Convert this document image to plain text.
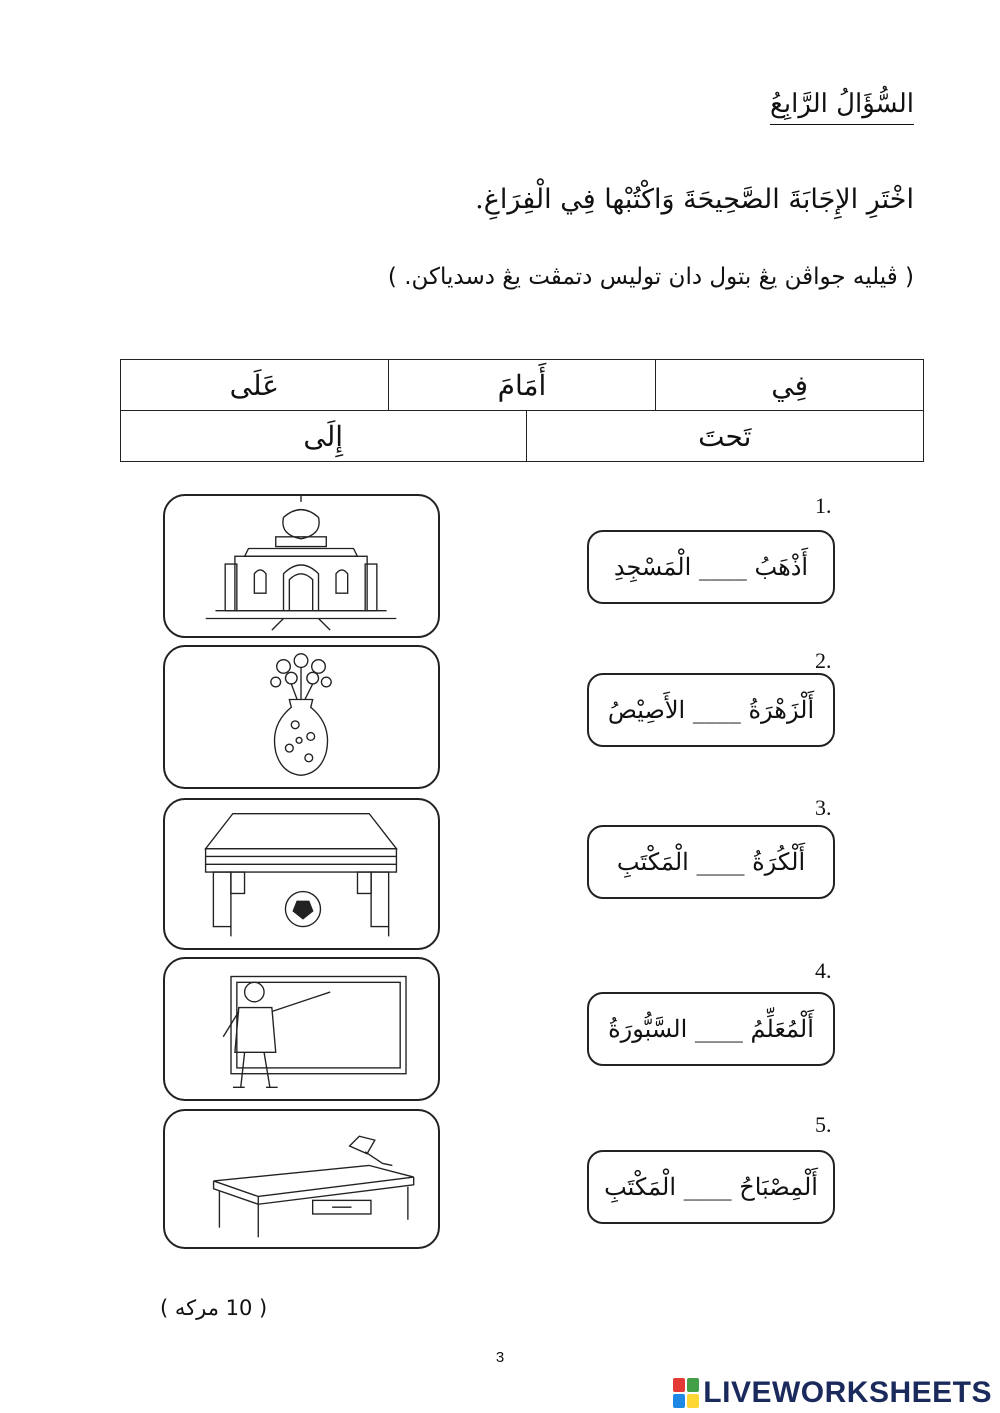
السُّؤَالُ الرَّابِعُ
اخْتَرِ الإِجَابَةَ الصَّحِيحَةَ وَاكْتُبْها فِي الْفِرَاغِ.
( ڤيليه جواڤن يڠ بتول دان توليس دتمڤت يڠ دسدياكن. )
عَلَى	أَمَامَ	فِي
إِلَى	تَحتَ
1.
2.
3.
4.
5.
أَذْهَبُ ____ الْمَسْجِدِ
أَلْزَهْرَةُ ____ الأَصِيْصُ
أَلْكُرَةُ ____ الْمَكْتَبِ
أَلْمُعَلِّمُ ____ السَّبُّورَةُ
أَلْمِصْبَاحُ ____ الْمَكْتَبِ
( 10 مركه )
3
LIVEWORKSHEETS
